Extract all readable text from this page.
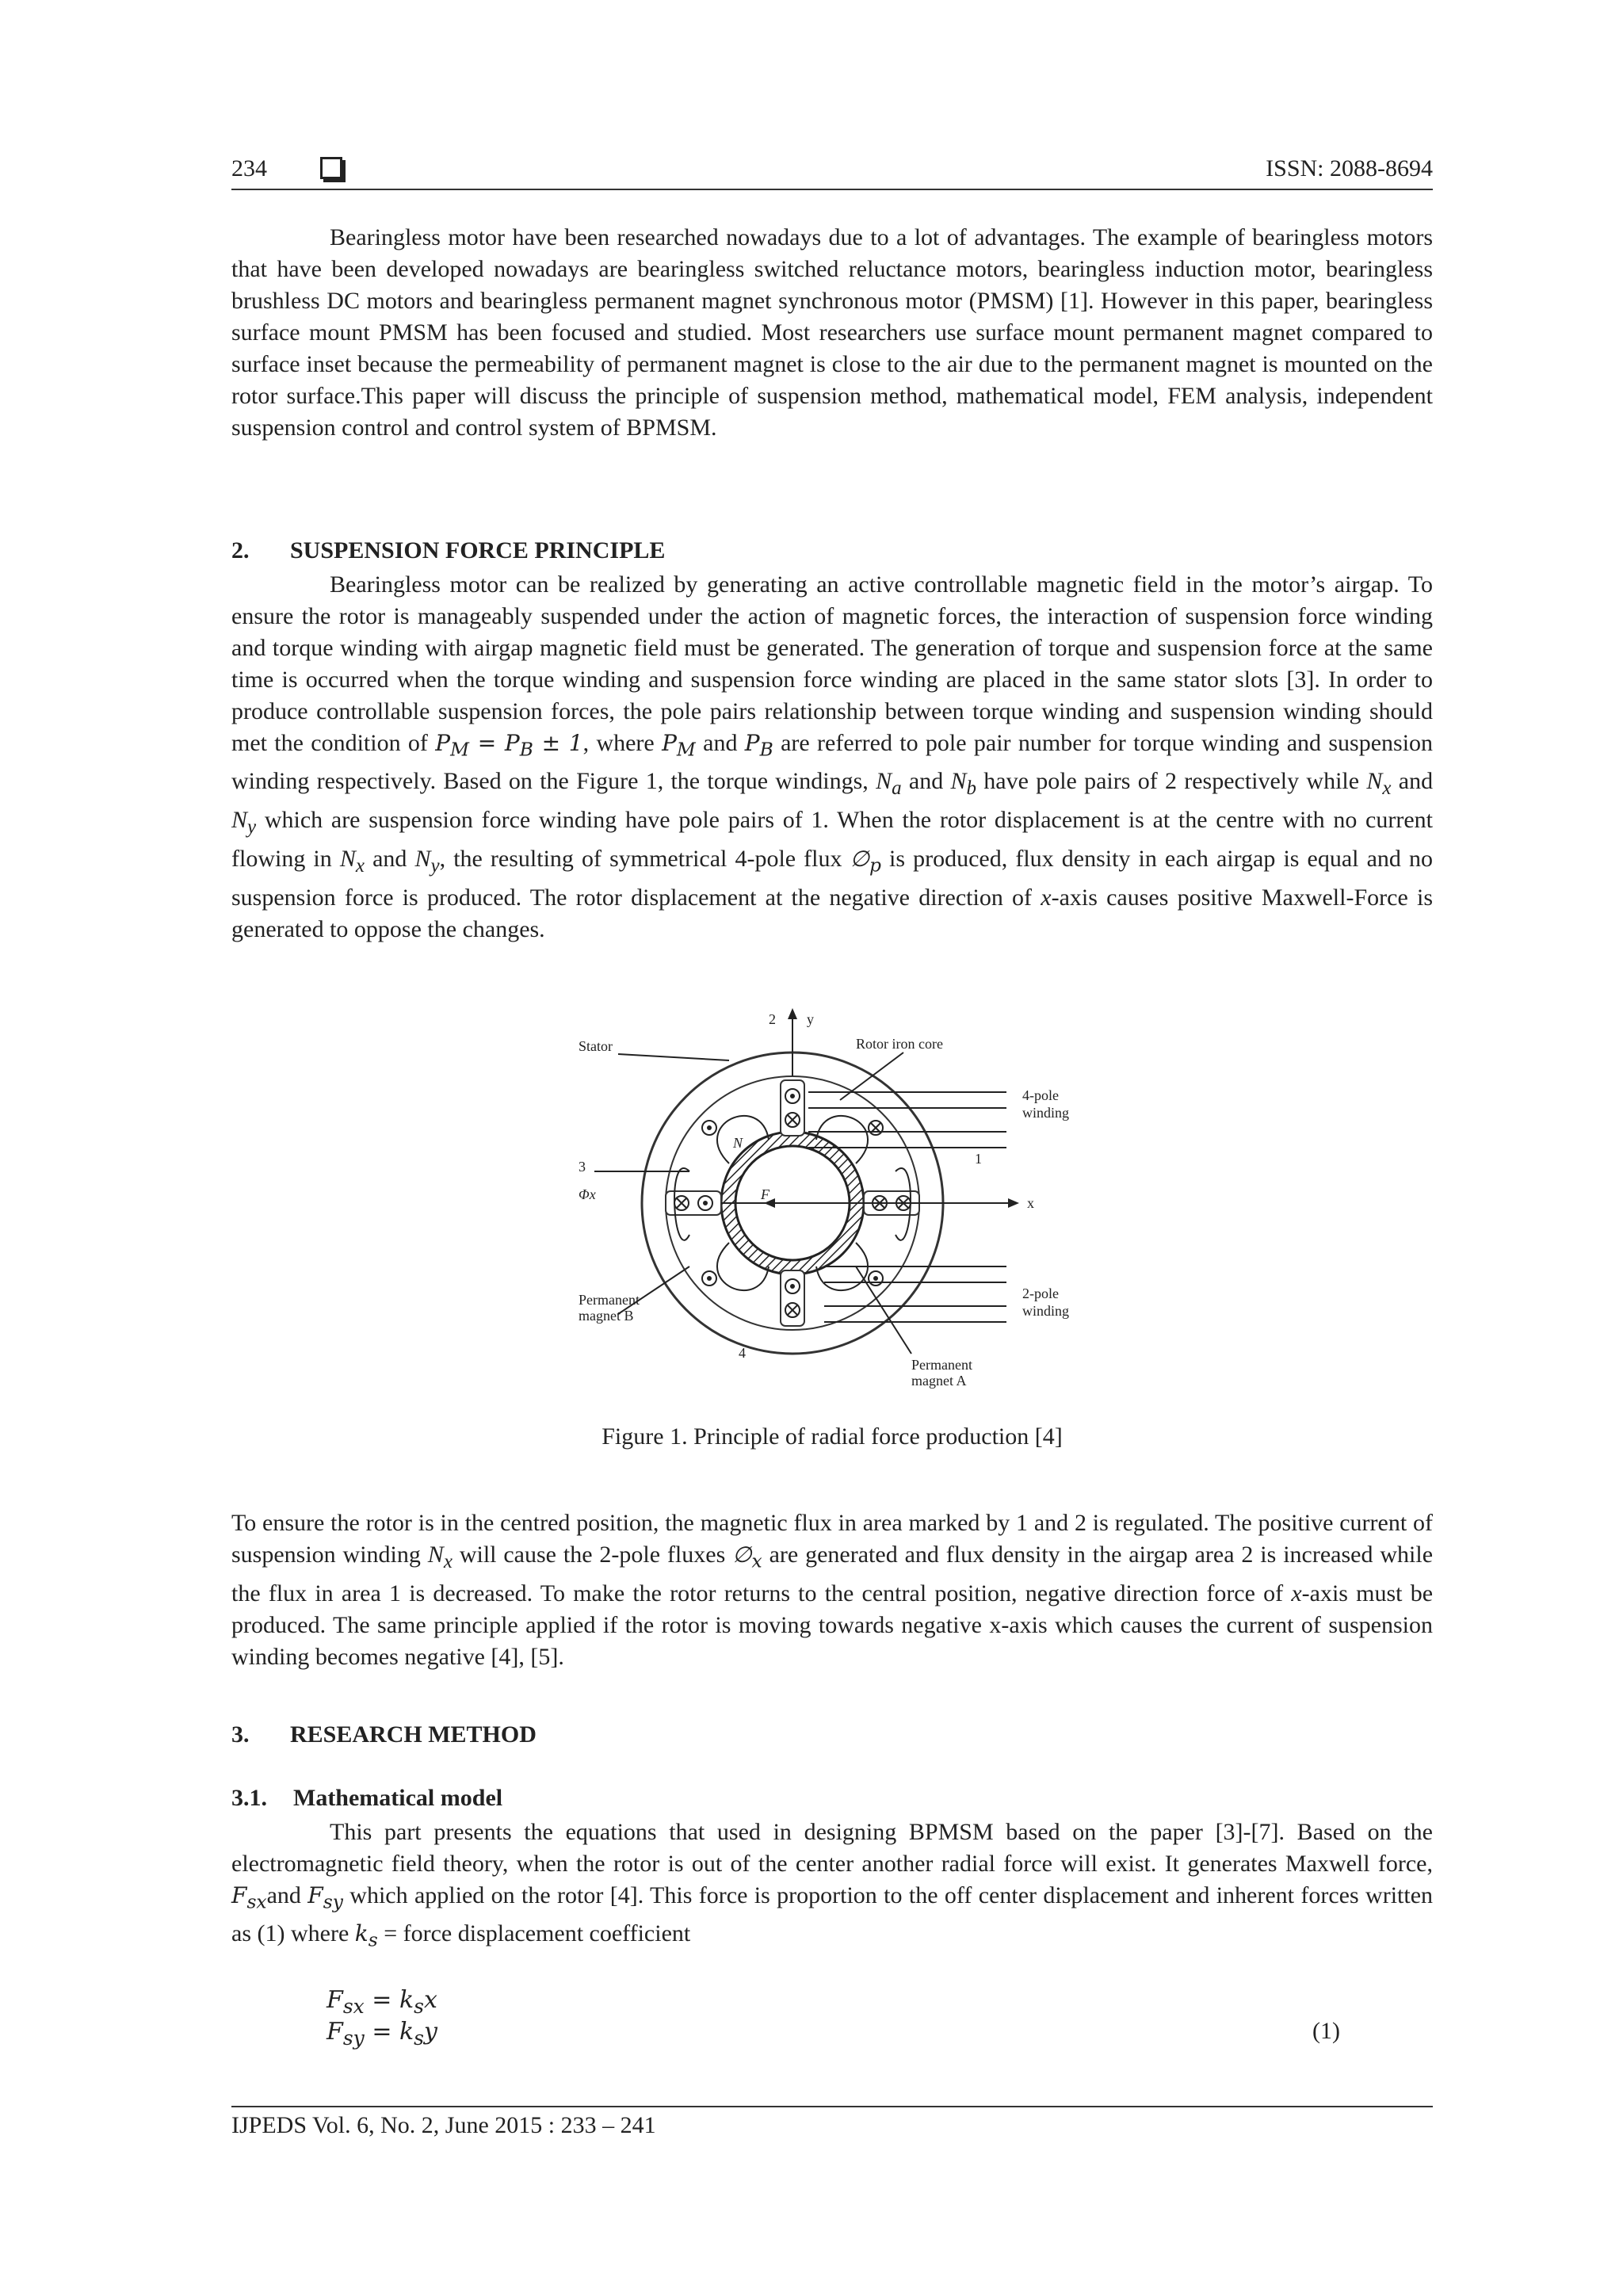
234	ISSN: 2088-8694
Bearingless motor have been researched nowadays due to a lot of advantages. The example of bearingless motors that have been developed nowadays are bearingless switched reluctance motors, bearingless induction motor, bearingless brushless DC motors and bearingless permanent magnet synchronous motor (PMSM) [1]. However in this paper, bearingless surface mount PMSM has been focused and studied. Most researchers use surface mount permanent magnet compared to surface inset because the permeability of permanent magnet is close to the air due to the permanent magnet is mounted on the rotor surface.This paper will discuss the principle of suspension method, mathematical model, FEM analysis, independent suspension control and control system of BPMSM.
2. SUSPENSION FORCE PRINCIPLE
Bearingless motor can be realized by generating an active controllable magnetic field in the motor’s airgap. To ensure the rotor is manageably suspended under the action of magnetic forces, the interaction of suspension force winding and torque winding with airgap magnetic field must be generated. The generation of torque and suspension force at the same time is occurred when the torque winding and suspension force winding are placed in the same stator slots [3]. In order to produce controllable suspension forces, the pole pairs relationship between torque winding and suspension winding should met the condition of $P_M = P_B \pm 1$, where $P_M$ and $P_B$ are referred to pole pair number for torque winding and suspension winding respectively. Based on the Figure 1, the torque windings, $N_a$ and $N_b$ have pole pairs of 2 respectively while $N_x$ and $N_y$ which are suspension force winding have pole pairs of 1. When the rotor displacement is at the centre with no current flowing in $N_x$ and $N_y$, the resulting of symmetrical 4-pole flux $\emptyset_p$ is produced, flux density in each airgap is equal and no suspension force is produced. The rotor displacement at the negative direction of x-axis causes positive Maxwell-Force is generated to oppose the changes.
Stator	Rotor iron core
4-pole
winding
2-pole
winding
Permanent
magnet B
Permanent
magnet A
y
x
2
1
3
4
F
Φx
N
Figure 1. Principle of radial force production [4]
To ensure the rotor is in the centred position, the magnetic flux in area marked by 1 and 2 is regulated. The positive current of suspension winding $N_x$ will cause the 2-pole fluxes $\emptyset_x$ are generated and flux density in the airgap area 2 is increased while the flux in area 1 is decreased. To make the rotor returns to the central position, negative direction force of x-axis must be produced. The same principle applied if the rotor is moving towards negative x-axis which causes the current of suspension winding becomes negative [4], [5].
3. RESEARCH METHOD
3.1. Mathematical model
This part presents the equations that used in designing BPMSM based on the paper [3]-[7]. Based on the electromagnetic field theory, when the rotor is out of the center another radial force will exist. It generates Maxwell force, $F_{sx}and$ $F_{sy}$ which applied on the rotor [4]. This force is proportion to the off center displacement and inherent forces written as (1) where $k_s$ = force displacement coefficient
$F_{sx} = k_sx$
$F_{sy} = k_sy$	(1)
IJPEDS Vol. 6, No. 2, June 2015 : 233 – 241
